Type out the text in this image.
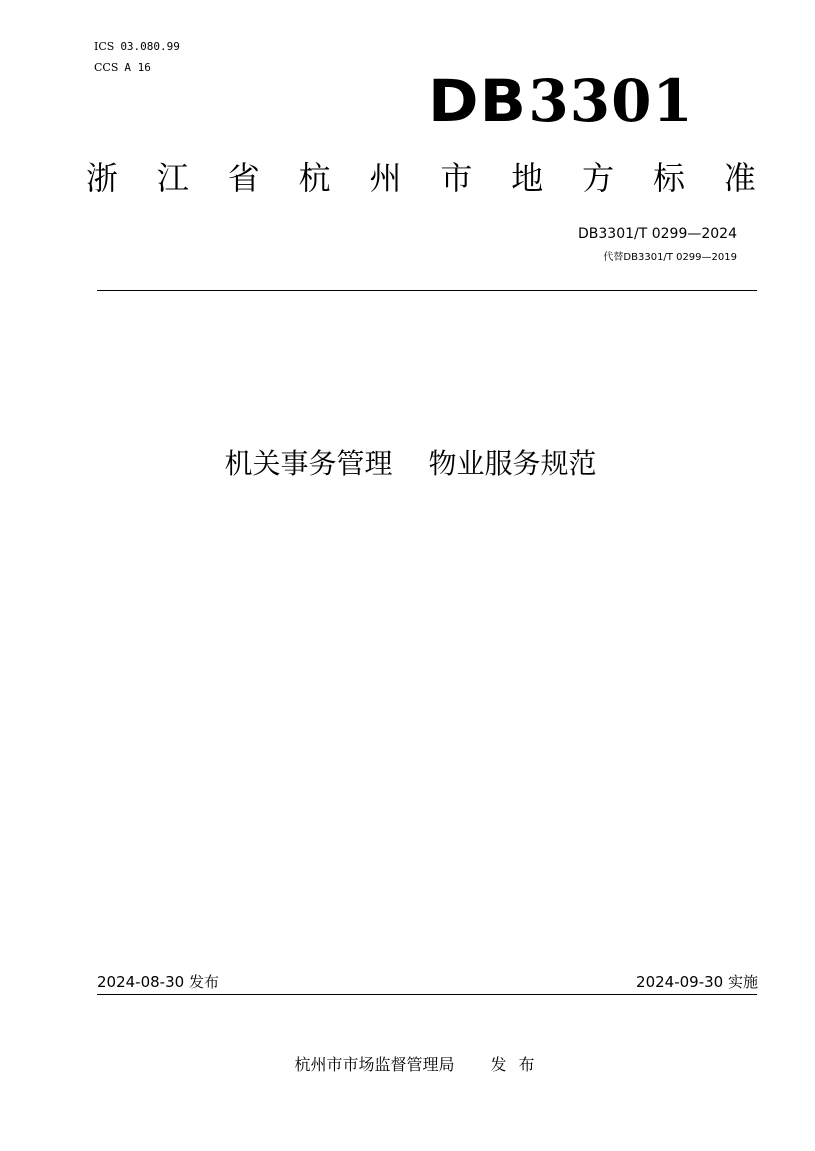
ICS 03.080.99
CCS A 16	DB3301
浙 江 省 杭 州 市 地 方 标 准
DB3301/T 0299—2024
代替DB3301/T 0299—2019
机关事务管理 物业服务规范
2024-08-30 发布	2024-09-30 实施
杭州市市场监督管理局 发布
